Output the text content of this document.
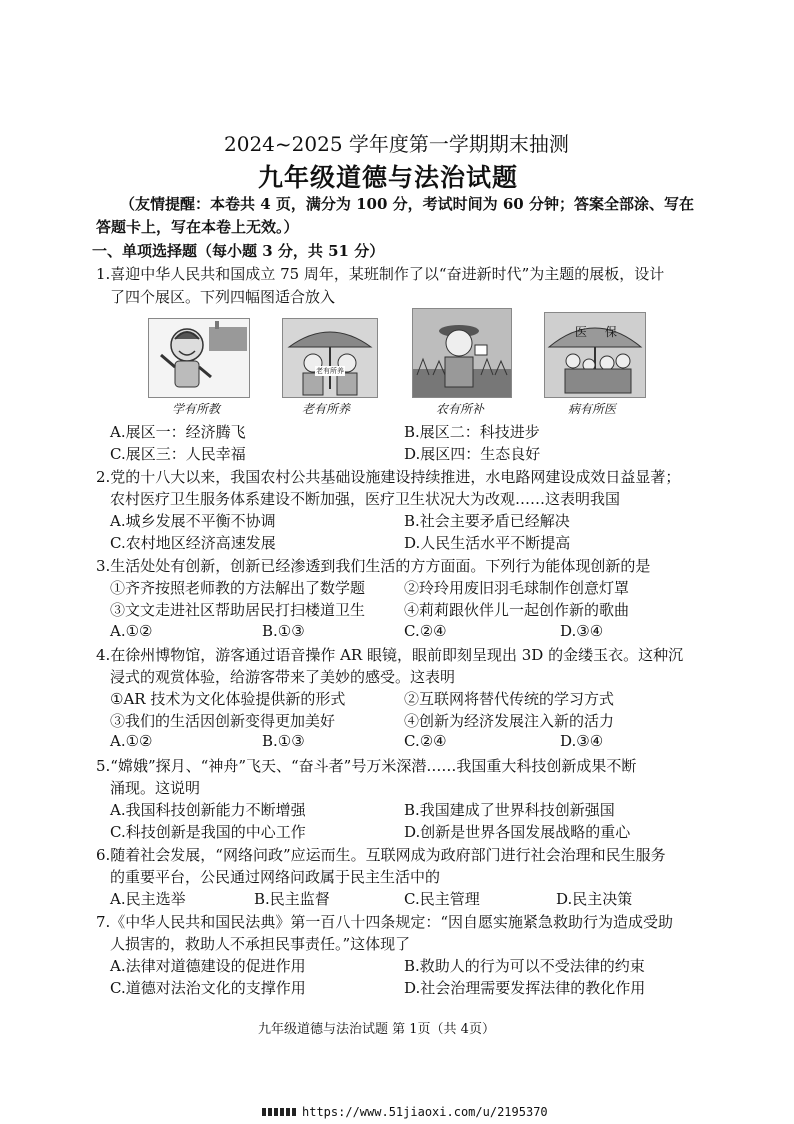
2024~2025 学年度第一学期期末抽测
九年级道德与法治试题
（友情提醒：本卷共 4 页，满分为 100 分，考试时间为 60 分钟；答案全部涂、写在
答题卡上，写在本卷上无效。）
一、单项选择题（每小题 3 分，共 51 分）
1.喜迎中华人民共和国成立 75 周年，某班制作了以“奋进新时代”为主题的展板，设计
了四个展区。下列四幅图适合放入
老有所养
医 保
学有所教	老有所养	农有所补	病有所医
A.展区一：经济腾飞	B.展区二：科技进步
C.展区三：人民幸福	D.展区四：生态良好
2.党的十八大以来，我国农村公共基础设施建设持续推进，水电路网建设成效日益显著；
农村医疗卫生服务体系建设不断加强，医疗卫生状况大为改观……这表明我国
A.城乡发展不平衡不协调	B.社会主要矛盾已经解决
C.农村地区经济高速发展	D.人民生活水平不断提高
3.生活处处有创新，创新已经渗透到我们生活的方方面面。下列行为能体现创新的是
①齐齐按照老师教的方法解出了数学题	②玲玲用废旧羽毛球制作创意灯罩
③文文走进社区帮助居民打扫楼道卫生	④莉莉跟伙伴儿一起创作新的歌曲
A.①②	B.①③	C.②④	D.③④
4.在徐州博物馆，游客通过语音操作 AR 眼镜，眼前即刻呈现出 3D 的金缕玉衣。这种沉
浸式的观赏体验，给游客带来了美妙的感受。这表明
①AR 技术为文化体验提供新的形式	②互联网将替代传统的学习方式
③我们的生活因创新变得更加美好	④创新为经济发展注入新的活力
A.①②	B.①③	C.②④	D.③④
5.“嫦娥”探月、“神舟”飞天、“奋斗者”号万米深潜……我国重大科技创新成果不断
涌现。这说明
A.我国科技创新能力不断增强	B.我国建成了世界科技创新强国
C.科技创新是我国的中心工作	D.创新是世界各国发展战略的重心
6.随着社会发展，“网络问政”应运而生。互联网成为政府部门进行社会治理和民生服务
的重要平台，公民通过网络问政属于民主生活中的
A.民主选举	B.民主监督	C.民主管理	D.民主决策
7.《中华人民共和国民法典》第一百八十四条规定：“因自愿实施紧急救助行为造成受助
人损害的，救助人不承担民事责任。”这体现了
A.法律对道德建设的促进作用	B.救助人的行为可以不受法律的约束
C.道德对法治文化的支撑作用	D.社会治理需要发挥法律的教化作用
九年级道德与法治试题 第 1页（共 4页）
https://www.51jiaoxi.com/u/2195370
